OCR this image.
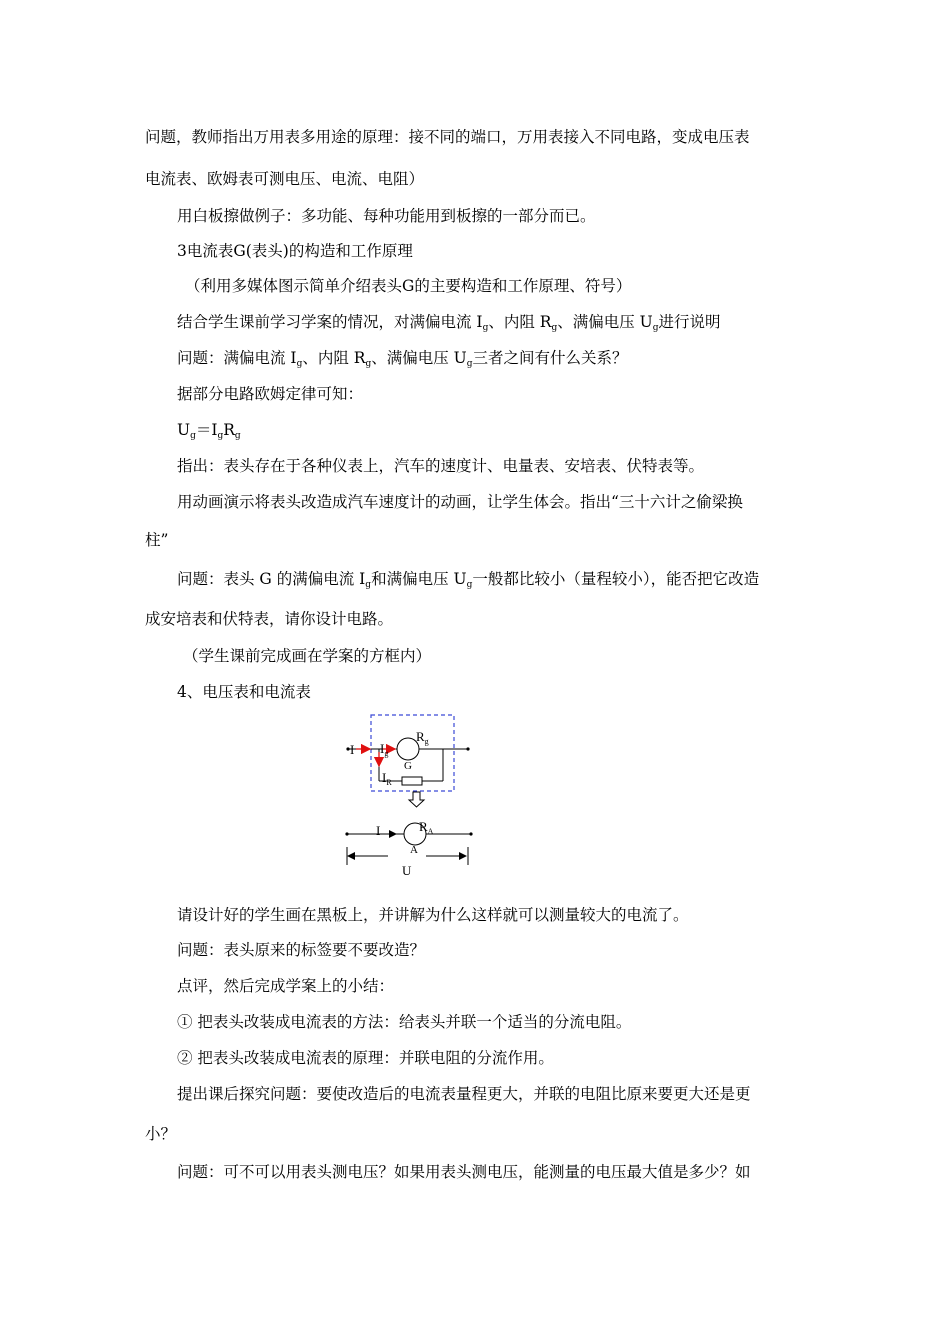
问题，教师指出万用表多用途的原理：接不同的端口，万用表接入不同电路，变成电压表
电流表、欧姆表可测电压、电流、电阻）
用白板擦做例子：多功能、每种功能用到板擦的一部分而已。
3电流表G(表头)的构造和工作原理
（利用多媒体图示简单介绍表头G的主要构造和工作原理、符号）
结合学生课前学习学案的情况，对满偏电流 $I_g$、内阻 $R_g$、满偏电压 $U_g$进行说明
问题：满偏电流 $I_g$、内阻 $R_g$、满偏电压 $U_g$三者之间有什么关系？
据部分电路欧姆定律可知：
$U_g=I_gR_g$
指出：表头存在于各种仪表上，汽车的速度计、电量表、安培表、伏特表等。
用动画演示将表头改造成汽车速度计的动画，让学生体会。指出“三十六计之偷梁换
柱”
问题：表头 G 的满偏电流 $I_g$和满偏电压 $U_g$一般都比较小（量程较小），能否把它改造
成安培表和伏特表，请你设计电路。
（学生课前完成画在学案的方框内）
4、电压表和电流表
I $I_g$
$R_g$
G
$I_R$
I	$R_A$
A
U
请设计好的学生画在黑板上，并讲解为什么这样就可以测量较大的电流了。
问题：表头原来的标签要不要改造？
点评，然后完成学案上的小结：
① 把表头改装成电流表的方法：给表头并联一个适当的分流电阻。
② 把表头改装成电流表的原理：并联电阻的分流作用。
提出课后探究问题：要使改造后的电流表量程更大，并联的电阻比原来要更大还是更
小？
问题：可不可以用表头测电压？如果用表头测电压，能测量的电压最大值是多少？如
